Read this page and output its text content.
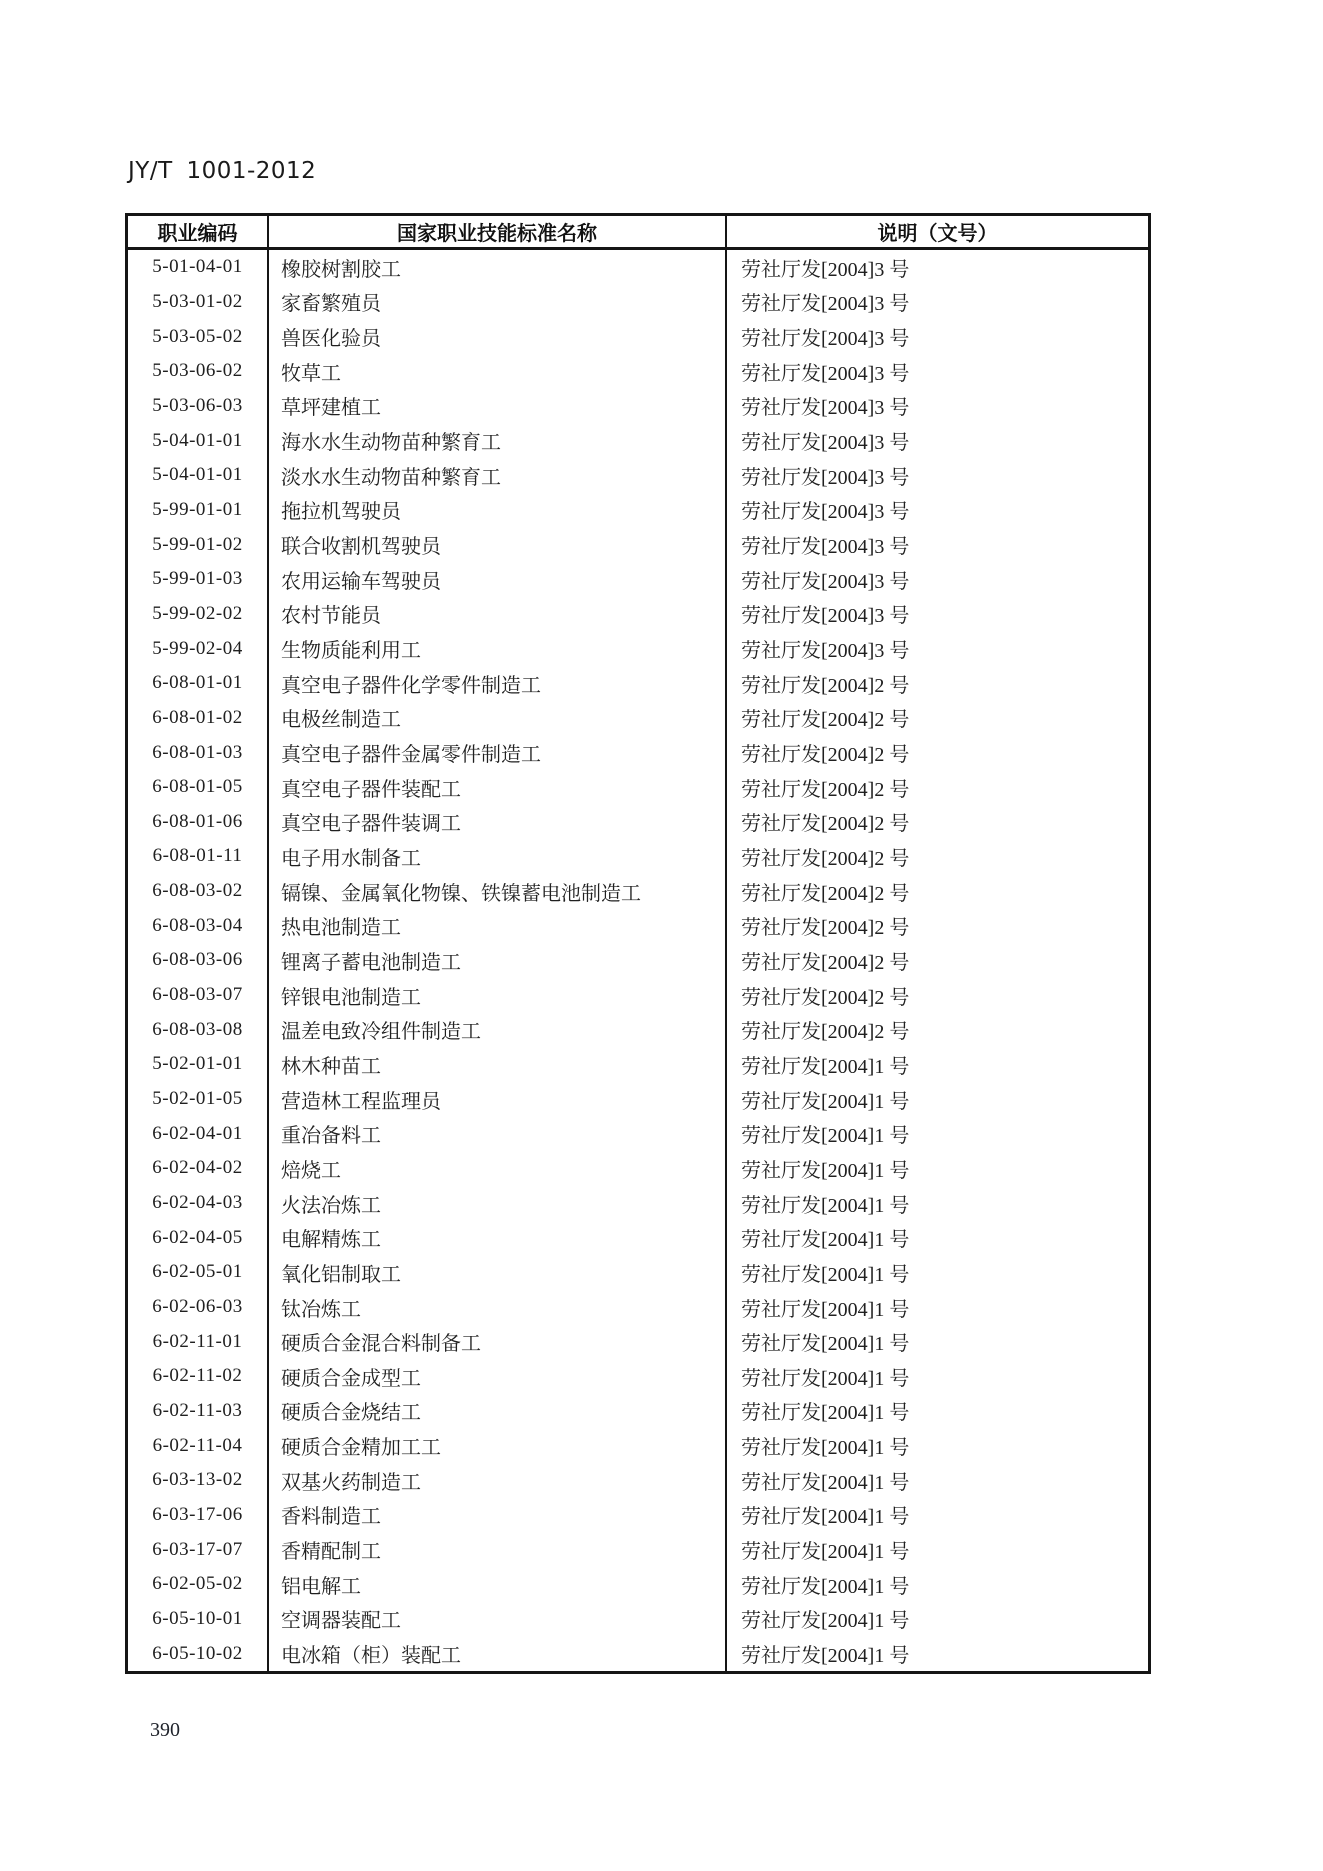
JY/T 1001-2012
职业编码	国家职业技能标准名称	说明（文号）
5-01-04-01	橡胶树割胶工	劳社厅发[2004]3 号
5-03-01-02	家畜繁殖员	劳社厅发[2004]3 号
5-03-05-02	兽医化验员	劳社厅发[2004]3 号
5-03-06-02	牧草工	劳社厅发[2004]3 号
5-03-06-03	草坪建植工	劳社厅发[2004]3 号
5-04-01-01	海水水生动物苗种繁育工	劳社厅发[2004]3 号
5-04-01-01	淡水水生动物苗种繁育工	劳社厅发[2004]3 号
5-99-01-01	拖拉机驾驶员	劳社厅发[2004]3 号
5-99-01-02	联合收割机驾驶员	劳社厅发[2004]3 号
5-99-01-03	农用运输车驾驶员	劳社厅发[2004]3 号
5-99-02-02	农村节能员	劳社厅发[2004]3 号
5-99-02-04	生物质能利用工	劳社厅发[2004]3 号
6-08-01-01	真空电子器件化学零件制造工	劳社厅发[2004]2 号
6-08-01-02	电极丝制造工	劳社厅发[2004]2 号
6-08-01-03	真空电子器件金属零件制造工	劳社厅发[2004]2 号
6-08-01-05	真空电子器件装配工	劳社厅发[2004]2 号
6-08-01-06	真空电子器件装调工	劳社厅发[2004]2 号
6-08-01-11	电子用水制备工	劳社厅发[2004]2 号
6-08-03-02	镉镍、金属氧化物镍、铁镍蓄电池制造工	劳社厅发[2004]2 号
6-08-03-04	热电池制造工	劳社厅发[2004]2 号
6-08-03-06	锂离子蓄电池制造工	劳社厅发[2004]2 号
6-08-03-07	锌银电池制造工	劳社厅发[2004]2 号
6-08-03-08	温差电致冷组件制造工	劳社厅发[2004]2 号
5-02-01-01	林木种苗工	劳社厅发[2004]1 号
5-02-01-05	营造林工程监理员	劳社厅发[2004]1 号
6-02-04-01	重冶备料工	劳社厅发[2004]1 号
6-02-04-02	焙烧工	劳社厅发[2004]1 号
6-02-04-03	火法冶炼工	劳社厅发[2004]1 号
6-02-04-05	电解精炼工	劳社厅发[2004]1 号
6-02-05-01	氧化铝制取工	劳社厅发[2004]1 号
6-02-06-03	钛冶炼工	劳社厅发[2004]1 号
6-02-11-01	硬质合金混合料制备工	劳社厅发[2004]1 号
6-02-11-02	硬质合金成型工	劳社厅发[2004]1 号
6-02-11-03	硬质合金烧结工	劳社厅发[2004]1 号
6-02-11-04	硬质合金精加工工	劳社厅发[2004]1 号
6-03-13-02	双基火药制造工	劳社厅发[2004]1 号
6-03-17-06	香料制造工	劳社厅发[2004]1 号
6-03-17-07	香精配制工	劳社厅发[2004]1 号
6-02-05-02	铝电解工	劳社厅发[2004]1 号
6-05-10-01	空调器装配工	劳社厅发[2004]1 号
6-05-10-02	电冰箱（柜）装配工	劳社厅发[2004]1 号
390
